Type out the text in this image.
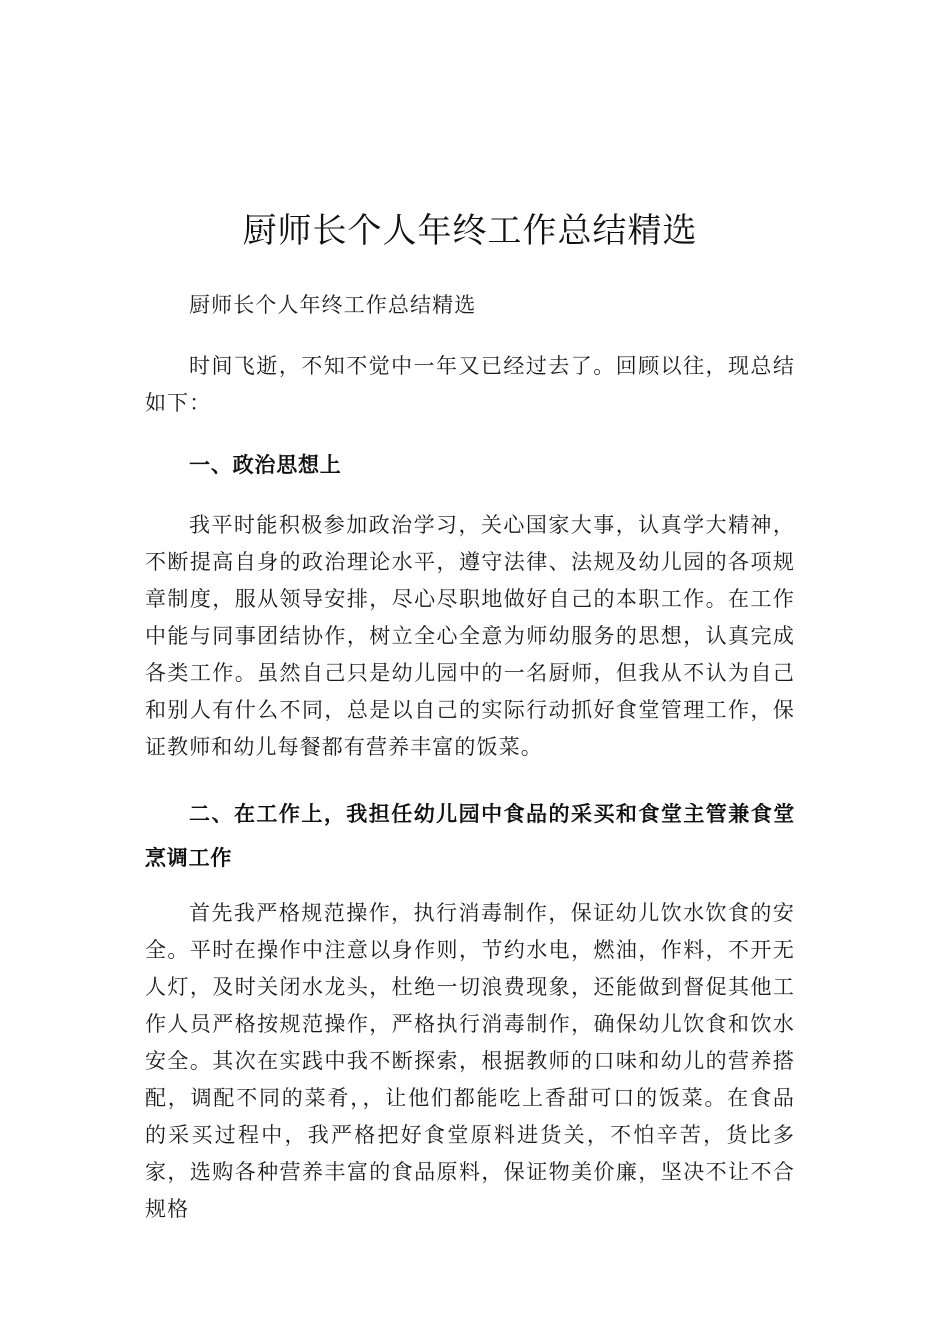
厨师长个人年终工作总结精选

厨师长个人年终工作总结精选

时间飞逝，不知不觉中一年又已经过去了。回顾以往，现总结如下：

一、政治思想上

我平时能积极参加政治学习，关心国家大事，认真学大精神，不断提高自身的政治理论水平，遵守法律、法规及幼儿园的各项规章制度，服从领导安排，尽心尽职地做好自己的本职工作。在工作中能与同事团结协作，树立全心全意为师幼服务的思想，认真完成各类工作。虽然自己只是幼儿园中的一名厨师，但我从不认为自己和别人有什么不同，总是以自己的实际行动抓好食堂管理工作，保证教师和幼儿每餐都有营养丰富的饭菜。

二、在工作上，我担任幼儿园中食品的采买和食堂主管兼食堂烹调工作

首先我严格规范操作，执行消毒制作，保证幼儿饮水饮食的安全。平时在操作中注意以身作则，节约水电，燃油，作料，不开无人灯，及时关闭水龙头，杜绝一切浪费现象，还能做到督促其他工作人员严格按规范操作，严格执行消毒制作，确保幼儿饮食和饮水安全。其次在实践中我不断探索，根据教师的口味和幼儿的营养搭配，调配不同的菜肴，，让他们都能吃上香甜可口的饭菜。在食品的采买过程中，我严格把好食堂原料进货关，不怕辛苦，货比多家，选购各种营养丰富的食品原料，保证物美价廉，坚决不让不合规格
